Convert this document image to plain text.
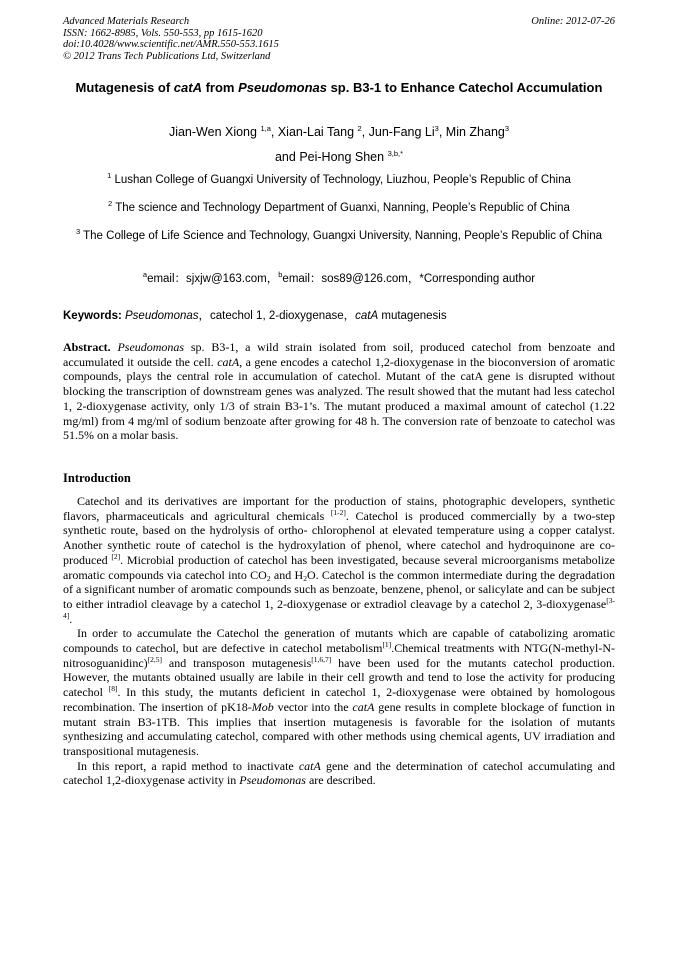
Advanced Materials Research
ISSN: 1662-8985, Vols. 550-553, pp 1615-1620
doi:10.4028/www.scientific.net/AMR.550-553.1615
© 2012 Trans Tech Publications Ltd, Switzerland
Online: 2012-07-26
Mutagenesis of catA from Pseudomonas sp. B3-1 to Enhance Catechol Accumulation
Jian-Wen Xiong $^{1,a}$, Xian-Lai Tang $^2$, Jun-Fang Li$^3$, Min Zhang$^3$
and Pei-Hong Shen $^{3,b,*}$
$^1$ Lushan College of Guangxi University of Technology, Liuzhou, People’s Republic of China
$^2$ The science and Technology Department of Guanxi, Nanning, People’s Republic of China
$^3$ The College of Life Science and Technology, Guangxi University, Nanning, People’s Republic of China
$^a$email：sjxjw@163.com，$^b$email：sos89@126.com，*Corresponding author
Keywords: Pseudomonas，catechol 1, 2-dioxygenase，catA mutagenesis
Abstract. Pseudomonas sp. B3-1, a wild strain isolated from soil, produced catechol from benzoate and accumulated it outside the cell. catA, a gene encodes a catechol 1,2-dioxygenase in the bioconversion of aromatic compounds, plays the central role in accumulation of catechol. Mutant of the catA gene is disrupted without blocking the transcription of downstream genes was analyzed. The result showed that the mutant had less catechol 1, 2-dioxygenase activity, only 1/3 of strain B3-1’s. The mutant produced a maximal amount of catechol (1.22 mg/ml) from 4 mg/ml of sodium benzoate after growing for 48 h. The conversion rate of benzoate to catechol was 51.5% on a molar basis.
Introduction

Catechol and its derivatives are important for the production of stains, photographic developers, synthetic flavors, pharmaceuticals and agricultural chemicals [1-2]. Catechol is produced commercially by a two-step synthetic route, based on the hydrolysis of ortho- chlorophenol at elevated temperature using a copper catalyst. Another synthetic route of catechol is the hydroxylation of phenol, where catechol and hydroquinone are co-produced [2]. Microbial production of catechol has been investigated, because several microorganisms metabolize aromatic compounds via catechol into $CO_2$ and $H_2O$. Catechol is the common intermediate during the degradation of a significant number of aromatic compounds such as benzoate, benzene, phenol, or salicylate and can be subject to either intradiol cleavage by a catechol 1, 2-dioxygenase or extradiol cleavage by a catechol 2, 3-dioxygenase[3-4].

In order to accumulate the Catechol the generation of mutants which are capable of catabolizing aromatic compounds to catechol, but are defective in catechol metabolism[1].Chemical treatments with NTG(N-methyl-N-nitrosoguanidinc)[2,5] and transposon mutagenesis[1,6,7] have been used for the mutants catechol production. However, the mutants obtained usually are labile in their cell growth and tend to lose the activity for producing catechol [8]. In this study, the mutants deficient in catechol 1, 2-dioxygenase were obtained by homologous recombination. The insertion of pK18-Mob vector into the catA gene results in complete blockage of function in mutant strain B3-1TB. This implies that insertion mutagenesis is favorable for the isolation of mutants synthesizing and accumulating catechol, compared with other methods using chemical agents, UV irradiation and transpositional mutagenesis.

In this report, a rapid method to inactivate catA gene and the determination of catechol accumulating and catechol 1,2-dioxygenase activity in Pseudomonas are described.
